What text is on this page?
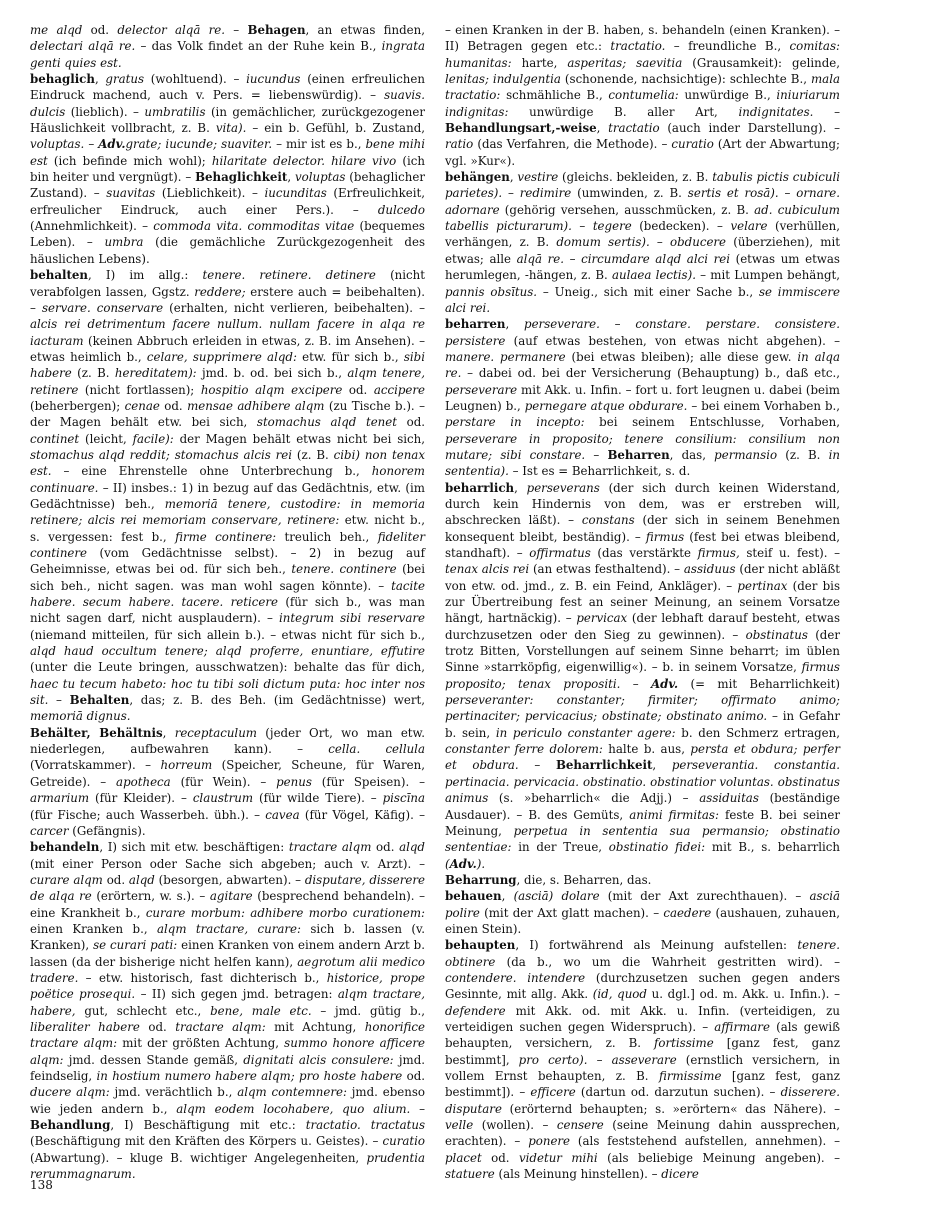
me alqd od. delector alqā re. – Behagen, an etwas finden, delectari alqā re. – das Volk findet an der Ruhe kein B., ingrata genti quies est.

behaglich, gratus (wohltuend). – iucundus (einen erfreulichen Eindruck machend, auch v. Pers. = liebenswürdig). – suavis. dulcis (lieblich). – umbratilis (in gemächlicher, zurückgezogener Häuslichkeit vollbracht, z. B. vita). – ein b. Gefühl, b. Zustand, voluptas. – Adv.grate; iucunde; suaviter. – mir ist es b., bene mihi est (ich befinde mich wohl); hilaritate delector. hilare vivo (ich bin heiter und vergnügt). – Behaglichkeit, voluptas (behaglicher Zustand). – suavitas (Lieblichkeit). – iucunditas (Erfreulichkeit, erfreulicher Eindruck, auch einer Pers.). – dulcedo (Annehmlichkeit). – commoda vita. commoditas vitae (bequemes Leben). – umbra (die gemächliche Zurückgezogenheit des häuslichen Lebens).

behalten, I) im allg.: tenere. retinere. detinere (nicht verabfolgen lassen, Ggstz. reddere; erstere auch = beibehalten). – servare. conservare (erhalten, nicht verlieren, beibehalten). – alcis rei detrimentum facere nullum. nullam facere in alqa re iacturam (keinen Abbruch erleiden in etwas, z. B. im Ansehen). – etwas heimlich b., celare, supprimere alqd: etw. für sich b., sibi habere (z. B. hereditatem): jmd. b. od. bei sich b., alqm tenere, retinere (nicht fortlassen); hospitio alqm excipere od. accipere (beherbergen); cenae od. mensae adhibere alqm (zu Tische b.). – der Magen behält etw. bei sich, stomachus alqd tenet od. continet (leicht, facile): der Magen behält etwas nicht bei sich, stomachus alqd reddit; stomachus alcis rei (z. B. cibi) non tenax est. – eine Ehrenstelle ohne Unterbrechung b., honorem continuare. – II) insbes.: 1) in bezug auf das Gedächtnis, etw. (im Gedächtnisse) beh., memoriā tenere, custodire: in memoria retinere; alcis rei memoriam conservare, retinere: etw. nicht b., s. vergessen: fest b., firme continere: treulich beh., fideliter continere (vom Gedächtnisse selbst). – 2) in bezug auf Geheimnisse, etwas bei od. für sich beh., tenere. continere (bei sich beh., nicht sagen. was man wohl sagen könnte). – tacite habere. secum habere. tacere. reticere (für sich b., was man nicht sagen darf, nicht ausplaudern). – integrum sibi reservare (niemand mitteilen, für sich allein b.). – etwas nicht für sich b., alqd haud occultum tenere; alqd proferre, enuntiare, effutire (unter die Leute bringen, ausschwatzen): behalte das für dich, haec tu tecum habeto: hoc tu tibi soli dictum puta: hoc inter nos sit. – Behalten, das; z. B. des Beh. (im Gedächtnisse) wert, memoriā dignus.

Behälter, Behältnis, receptaculum (jeder Ort, wo man etw. niederlegen, aufbewahren kann). – cella. cellula (Vorratskammer). – horreum (Speicher, Scheune, für Waren, Getreide). – apotheca (für Wein). – penus (für Speisen). – armarium (für Kleider). – claustrum (für wilde Tiere). – piscīna (für Fische; auch Wasserbeh. übh.). – cavea (für Vögel, Käfig). – carcer (Gefängnis).

behandeln, I) sich mit etw. beschäftigen: tractare alqm od. alqd (mit einer Person oder Sache sich abgeben; auch v. Arzt). – curare alqm od. alqd (besorgen, abwarten). – disputare, disserere de alqa re (erörtern, w. s.). – agitare (besprechend behandeln). – eine Krankheit b., curare morbum: adhibere morbo curationem: einen Kranken b., alqm tractare, curare: sich b. lassen (v. Kranken), se curari pati: einen Kranken von einem andern Arzt b. lassen (da der bisherige nicht helfen kann), aegrotum alii medico tradere. – etw. historisch, fast dichterisch b., historice, prope poëtice prosequi. – II) sich gegen jmd. betragen: alqm tractare, habere, gut, schlecht etc., bene, male etc. – jmd. gütig b., liberaliter habere od. tractare alqm: mit Achtung, honorifice tractare alqm: mit der größten Achtung, summo honore afficere alqm: jmd. dessen Stande gemäß, dignitati alcis consulere: jmd. feindselig, in hostium numero habere alqm; pro hoste habere od. ducere alqm: jmd. verächtlich b., alqm contemnere: jmd. ebenso wie jeden andern b., alqm eodem locohabere, quo alium. – Behandlung, I) Beschäftigung mit etc.: tractatio. tractatus (Beschäftigung mit den Kräften des Körpers u. Geistes). – curatio (Abwartung). – kluge B. wichtiger Angelegenheiten, prudentia rerummagnarum.

– einen Kranken in der B. haben, s. behandeln (einen Kranken). – II) Betragen gegen etc.: tractatio. – freundliche B., comitas: humanitas: harte, asperitas; saevitia (Grausamkeit): gelinde, lenitas; indulgentia (schonende, nachsichtige): schlechte B., mala tractatio: schmähliche B., contumelia: unwürdige B., iniuriarum indignitas: unwürdige B. aller Art, indignitates. – Behandlungsart,-weise, tractatio (auch inder Darstellung). – ratio (das Verfahren, die Methode). – curatio (Art der Abwartung; vgl. »Kur«).

behängen, vestire (gleichs. bekleiden, z. B. tabulis pictis cubiculi parietes). – redimire (umwinden, z. B. sertis et rosā). – ornare. adornare (gehörig versehen, ausschmücken, z. B. ad. cubiculum tabellis picturarum). – tegere (bedecken). – velare (verhüllen, verhängen, z. B. domum sertis). – obducere (überziehen), mit etwas; alle alqā re. – circumdare alqd alci rei (etwas um etwas herumlegen, -hängen, z. B. aulaea lectis). – mit Lumpen behängt, pannis obsītus. – Uneig., sich mit einer Sache b., se immiscere alci rei.

beharren, perseverare. – constare. perstare. consistere. persistere (auf etwas bestehen, von etwas nicht abgehen). – manere. permanere (bei etwas bleiben); alle diese gew. in alqa re. – dabei od. bei der Versicherung (Behauptung) b., daß etc., perseverare mit Akk. u. Infin. – fort u. fort leugnen u. dabei (beim Leugnen) b., pernegare atque obdurare. – bei einem Vorhaben b., perstare in incepto: bei seinem Entschlusse, Vorhaben, perseverare in proposito; tenere consilium: consilium non mutare; sibi constare. – Beharren, das, permansio (z. B. in sententia). – Ist es = Beharrlichkeit, s. d.

beharrlich, perseverans (der sich durch keinen Widerstand, durch kein Hindernis von dem, was er erstreben will, abschrecken läßt). – constans (der sich in seinem Benehmen konsequent bleibt, beständig). – firmus (fest bei etwas bleibend, standhaft). – offirmatus (das verstärkte firmus, steif u. fest). – tenax alcis rei (an etwas festhaltend). – assiduus (der nicht abläßt von etw. od. jmd., z. B. ein Feind, Ankläger). – pertinax (der bis zur Übertreibung fest an seiner Meinung, an seinem Vorsatze hängt, hartnäckig). – pervicax (der lebhaft darauf besteht, etwas durchzusetzen oder den Sieg zu gewinnen). – obstinatus (der trotz Bitten, Vorstellungen auf seinem Sinne beharrt; im üblen Sinne »starrköpfig, eigenwillig«). – b. in seinem Vorsatze, firmus proposito; tenax propositi. – Adv. (= mit Beharrlichkeit) perseveranter: constanter; firmiter; offirmato animo; pertinaciter; pervicacius; obstinate; obstinato animo. – in Gefahr b. sein, in periculo constanter agere: b. den Schmerz ertragen, constanter ferre dolorem: halte b. aus, persta et obdura; perfer et obdura. – Beharrlichkeit, perseverantia. constantia. pertinacia. pervicacia. obstinatio. obstinatior voluntas. obstinatus animus (s. »beharrlich« die Adjj.) – assiduitas (beständige Ausdauer). – B. des Gemüts, animi firmitas: feste B. bei seiner Meinung, perpetua in sententia sua permansio; obstinatio sententiae: in der Treue, obstinatio fidei: mit B., s. beharrlich (Adv.).

Beharrung, die, s. Beharren, das.

behauen, (asciā) dolare (mit der Axt zurechthauen). – asciā polire (mit der Axt glatt machen). – caedere (aushauen, zuhauen, einen Stein).

behaupten, I) fortwährend als Meinung aufstellen: tenere. obtinere (da b., wo um die Wahrheit gestritten wird). – contendere. intendere (durchzusetzen suchen gegen anders Gesinnte, mit allg. Akk. (id, quod u. dgl.] od. m. Akk. u. Infin.). – defendere mit Akk. od. mit Akk. u. Infin. (verteidigen, zu verteidigen suchen gegen Widerspruch). – affirmare (als gewiß behaupten, versichern, z. B. fortissime [ganz fest, ganz bestimmt], pro certo). – asseverare (ernstlich versichern, in vollem Ernst behaupten, z. B. firmissime [ganz fest, ganz bestimmt]). – efficere (dartun od. darzutun suchen). – disserere. disputare (erörternd behaupten; s. »erörtern« das Nähere). – velle (wollen). – censere (seine Meinung dahin aussprechen, erachten). – ponere (als feststehend aufstellen, annehmen). – placet od. videtur mihi (als beliebige Meinung angeben). – statuere (als Meinung hinstellen). – dicere

138
